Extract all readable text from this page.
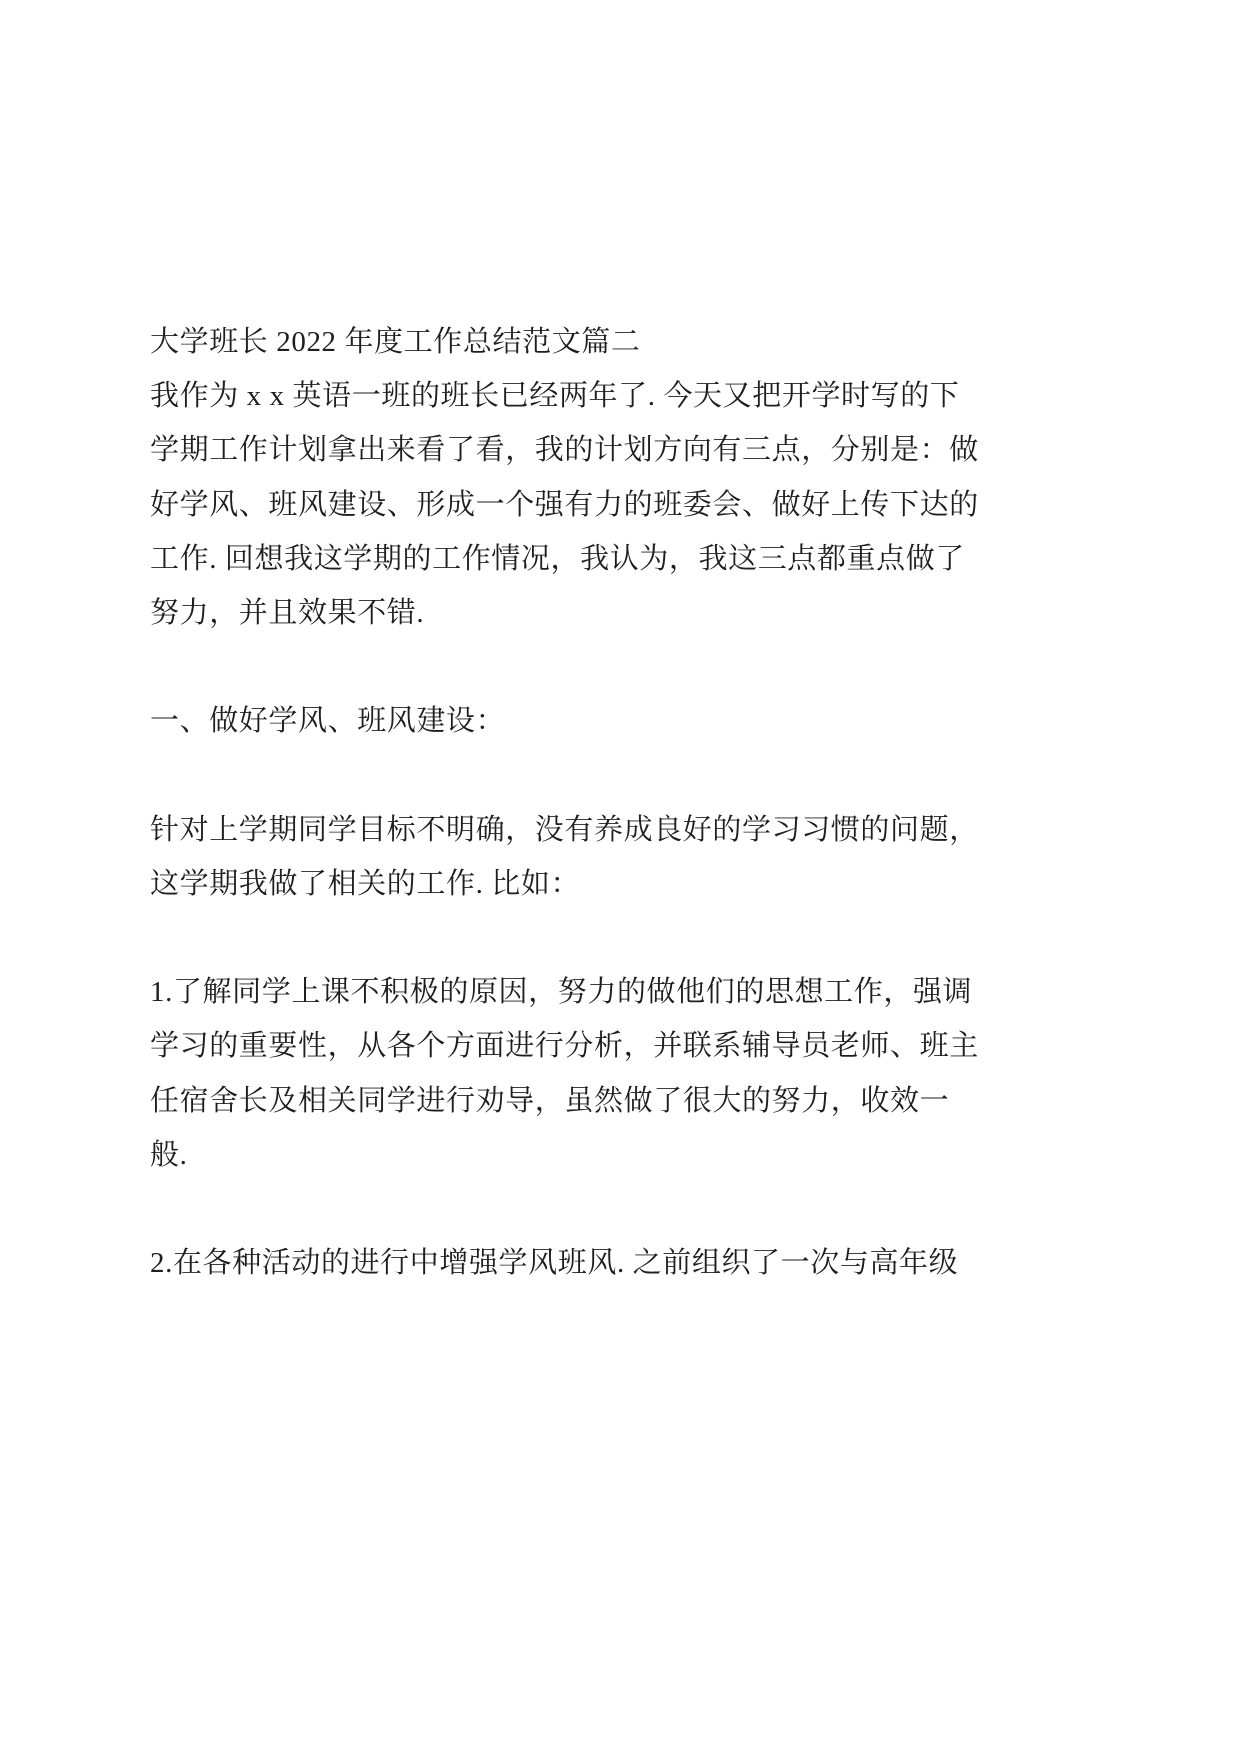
大学班长 2022 年度工作总结范文篇二
我作为 x x 英语一班的班长已经两年了. 今天又把开学时写的下
学期工作计划拿出来看了看，我的计划方向有三点，分别是：做
好学风、班风建设、形成一个强有力的班委会、做好上传下达的
工作. 回想我这学期的工作情况，我认为，我这三点都重点做了
努力，并且效果不错.
一、做好学风、班风建设：
针对上学期同学目标不明确，没有养成良好的学习习惯的问题，
这学期我做了相关的工作. 比如：
1.了解同学上课不积极的原因，努力的做他们的思想工作，强调
学习的重要性，从各个方面进行分析，并联系辅导员老师、班主
任宿舍长及相关同学进行劝导，虽然做了很大的努力，收效一
般.
2.在各种活动的进行中增强学风班风. 之前组织了一次与高年级
